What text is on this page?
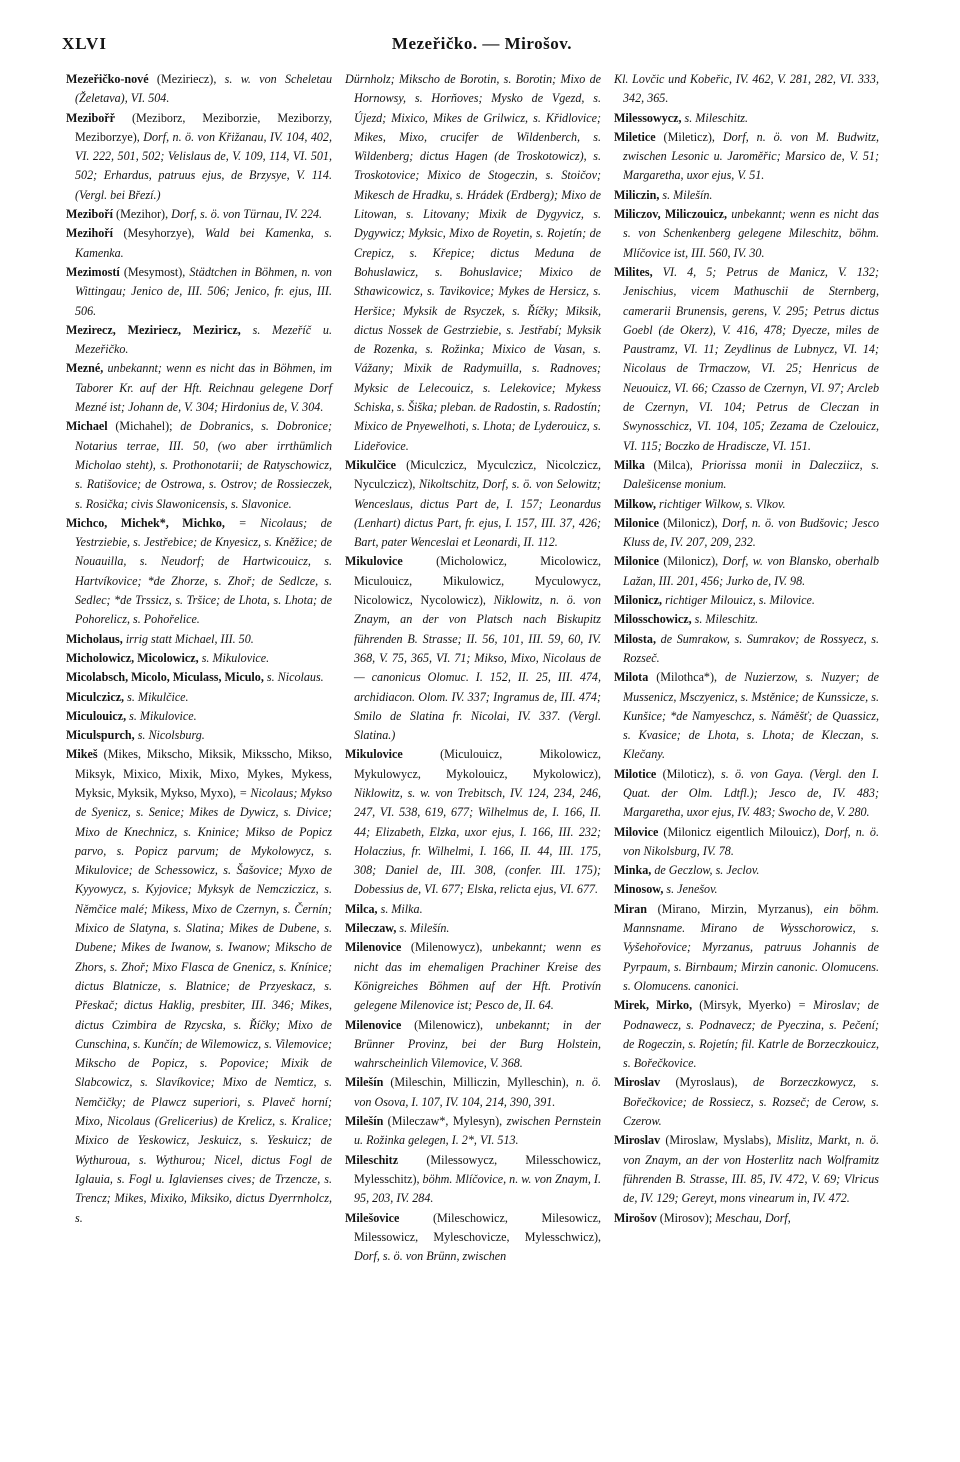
XLVI	Mezeřičko. — Mirošov.

Mezeřičko-nové (Meziriecz), s. w. von Scheletau (Želetava), VI. 504.

Mezibořř (Meziborz, Meziborzie, Meziborzy, Meziborzye), Dorf, n. ö. von Křižanau, IV. 104, 402, VI. 222, 501, 502; Velislaus de, V. 109, 114, VI. 501, 502; Erhardus, patruus ejus, de Brzysye, V. 114. (Vergl. bei Březí.)

Meziboří (Mezihor), Dorf, s. ö. von Türnau, IV. 224.

Mezihoří (Mesyhorzye), Wald bei Kamenka, s. Kamenka.

Mezimostí (Mesymost), Städtchen in Böhmen, n. von Wittingau; Jenico de, III. 506; Jenico, fr. ejus, III. 506.

Mezirecz, Meziriecz, Meziricz, s. Mezeříč u. Mezeřičko.

Mezné, unbekannt; wenn es nicht das in Böhmen, im Taborer Kr. auf der Hft. Reichnau gelegene Dorf Mezné ist; Johann de, V. 304; Hirdonius de, V. 304.

Michael (Michahel); de Dobranics, s. Dobronice; Notarius terrae, III. 50, (wo aber irrthümlich Micholao steht), s. Prothonotarii; de Ratyschowicz, s. Ratišovice; de Ostrowa, s. Ostrov; de Rossieczek, s. Rosička; civis Slawonicensis, s. Slavonice.

Michco, Michek*, Michko, = Nicolaus; de Yestrziebie, s. Jestřebice; de Knyesicz, s. Kněžice; de Nouauilla, s. Neudorf; de Hartwicouicz, s. Hartvíkovice; *de Zhorze, s. Zhoř; de Sedlcze, s. Sedlec; *de Trssicz, s. Tršice; de Lhota, s. Lhota; de Pohorelicz, s. Pohořelice.

Micholaus, irrig statt Michael, III. 50.

Micholowicz, Micolowicz, s. Mikulovice.

Micolabsch, Micolo, Miculass, Miculo, s. Nicolaus.

Miculczicz, s. Mikulčice.

Miculouicz, s. Mikulovice.

Miculspurch, s. Nicolsburg.

Mikeš (Mikes, Mikscho, Miksik, Miksscho, Mikso, Miksyk, Mixico, Mixik, Mixo, Mykes, Mykess, Myksic, Myksik, Mykso, Myxo), = Nicolaus; Mykso de Syenicz, s. Senice; Mikes de Dywicz, s. Divice; Mixo de Knechnicz, s. Kninice; Mikso de Popicz parvo, s. Popicz parvum; de Mykolowycz, s. Mikulovice; de Schessowicz, s. Šašovice; Myxo de Kyyowycz, s. Kyjovice; Myksyk de Nemcziczicz, s. Němčice malé; Mikess, Mixo de Czernyn, s. Černín; Mixico de Slatyna, s. Slatina; Mikes de Dubene, s. Dubene; Mikes de Iwanow, s. Iwanow; Mikscho de Zhors, s. Zhoř; Mixo Flasca de Gnenicz, s. Knínice; dictus Blatnicze, s. Blatnice; de Przyeskacz, s. Přeskač; dictus Haklig, presbiter, III. 346; Mikes, dictus Czimbira de Rzycska, s. Říčky; Mixo de Cunschina, s. Kunčín; de Wilemowicz, s. Vilemovice; Mikscho de Popicz, s. Popovice; Mixik de Slabcowicz, s. Slavíkovice; Mixo de Nemticz, s. Nemčičky; de Plawcz superiori, s. Plaveč horní; Mixo, Nicolaus (Grelicerius) de Krelicz, s. Kralice; Mixico de Yeskowicz, Jeskuicz, s. Yeskuicz; de Wythuroua, s. Wythurou; Nicel, dictus Fogl de Iglauia, s. Fogl u. Iglavienses cives; de Trzencze, s. Trencz; Mikes, Mixiko, Miksiko, dictus Dyerrnholcz, s.

Dürnholz; Mikscho de Borotin, s. Borotin; Mixo de Hornowsy, s. Horňoves; Mysko de Vgezd, s. Újezd; Mixico, Mikes de Grilwicz, s. Křidlovice; Mikes, Mixo, crucifer de Wildenberch, s. Wildenberg; dictus Hagen (de Troskotowicz), s. Troskotovice; Mixico de Stogeczin, s. Stoičov; Mikesch de Hradku, s. Hrádek (Erdberg); Mixo de Litowan, s. Litovany; Mixik de Dygyvicz, s. Dygywicz; Myksic, Mixo de Royetin, s. Rojetín; de Crepicz, s. Křepice; dictus Meduna de Bohuslawicz, s. Bohuslavice; Mixico de Sthawicowicz, s. Tavikovice; Mykes de Hersicz, s. Heršice; Myksik de Rsyczek, s. Říčky; Miksik, dictus Nossek de Gestrziebie, s. Jestřabí; Myksik de Rozenka, s. Rožinka; Mixico de Vasan, s. Vážany; Mixik de Radymuilla, s. Radnoves; Myksic de Lelecouicz, s. Lelekovice; Mykess Schiska, s. Šiška; pleban. de Radostin, s. Radostín; Mixico de Pnyewelhoti, s. Lhota; de Lyderouicz, s. Lideřovice.

Mikulčice (Miculczicz, Myculczicz, Nicolczicz, Nyculczicz), Nikoltschitz, Dorf, s. ö. von Selowitz; Wenceslaus, dictus Part de, I. 157; Leonardus (Lenhart) dictus Part, fr. ejus, I. 157, III. 37, 426; Bart, pater Wenceslai et Leonardi, II. 112.

Mikulovice (Micholowicz, Micolowicz, Miculouicz, Mikulowicz, Myculowycz, Nicolowicz, Nycolowicz), Niklowitz, n. ö. von Znaym, an der von Platsch nach Biskupitz führenden B. Strasse; II. 56, 101, III. 59, 60, IV. 368, V. 75, 365, VI. 71; Mikso, Mixo, Nicolaus de — canonicus Olomuc. I. 152, II. 25, III. 474, archidiacon. Olom. IV. 337; Ingramus de, III. 474; Smilo de Slatina fr. Nicolai, IV. 337. (Vergl. Slatina.)

Mikulovice (Miculouicz, Mikolowicz, Mykulowycz, Mykolouicz, Mykolowicz), Niklowitz, s. w. von Trebitsch, IV. 124, 234, 246, 247, VI. 538, 619, 677; Wilhelmus de, I. 166, II. 44; Elizabeth, Elzka, uxor ejus, I. 166, III. 232; Holaczius, fr. Wilhelmi, I. 166, II. 44, III. 175, 308; Daniel de, III. 308, (confer. III. 175); Dobessius de, VI. 677; Elska, relicta ejus, VI. 677.

Milca, s. Milka.

Mileczaw, s. Milešín.

Milenovice (Milenowycz), unbekannt; wenn es nicht das im ehemaligen Prachiner Kreise des Königreiches Böhmen auf der Hft. Protivín gelegene Milenovice ist; Pesco de, II. 64.

Milenovice (Milenowicz), unbekannt; in der Brünner Provinz, bei der Burg Holstein, wahrscheinlich Vilemovice, V. 368.

Milešín (Mileschin, Milliczin, Mylleschin), n. ö. von Osova, I. 107, IV. 104, 214, 390, 391.

Milešín (Mileczaw*, Mylesyn), zwischen Pernstein u. Rožinka gelegen, I. 2*, VI. 513.

Mileschitz (Milessowycz, Milesschowicz, Mylesschitz), böhm. Mlíčovice, n. w. von Znaym, I. 95, 203, IV. 284.

Milešovice (Mileschowicz, Milesowicz, Milessowicz, Myleschovicze, Mylesschwicz), Dorf, s. ö. von Brünn, zwischen

Kl. Lovčic und Kobeřic, IV. 462, V. 281, 282, VI. 333, 342, 365.

Milessowycz, s. Mileschitz.

Miletice (Mileticz), Dorf, n. ö. von M. Budwitz, zwischen Lesonic u. Jaroměřic; Marsico de, V. 51; Margaretha, uxor ejus, V. 51.

Miliczin, s. Milešín.

Miliczov, Miliczouicz, unbekannt; wenn es nicht das s. von Schenkenberg gelegene Mileschitz, böhm. Mlíčovice ist, III. 560, IV. 30.

Milites, VI. 4, 5; Petrus de Manicz, V. 132; Jenischius, vicem Mathuschii de Sternberg, camerarii Brunensis, gerens, V. 295; Petrus dictus Goebl (de Okerz), V. 416, 478; Dyecze, miles de Paustramz, VI. 11; Zeydlinus de Lubnycz, VI. 14; Nicolaus de Trmaczow, VI. 25; Henricus de Neuouicz, VI. 66; Czasso de Czernyn, VI. 97; Arcleb de Czernyn, VI. 104; Petrus de Cleczan in Swynosschicz, VI. 104, 105; Zezama de Czelouicz, VI. 115; Boczko de Hradiscze, VI. 151.

Milka (Milca), Priorissa monii in Dalecziicz, s. Dalešicense monium.

Milkow, richtiger Wilkow, s. Vlkov.

Milonice (Milonicz), Dorf, n. ö. von Budšovic; Jesco Kluss de, IV. 207, 209, 232.

Milonice (Milonicz), Dorf, w. von Blansko, oberhalb Lažan, III. 201, 456; Jurko de, IV. 98.

Milonicz, richtiger Milouicz, s. Milovice.

Milosschowicz, s. Mileschitz.

Milosta, de Sumrakow, s. Sumrakov; de Rossyecz, s. Rozseč.

Milota (Milothca*), de Nuzierzow, s. Nuzyer; de Mussenicz, Msczyenicz, s. Mstěnice; de Kunssicze, s. Kunšice; *de Namyeschcz, s. Náměšť; de Quassicz, s. Kvasice; de Lhota, s. Lhota; de Kleczan, s. Klečany.

Milotice (Miloticz), s. ö. von Gaya. (Vergl. den I. Quat. der Olm. Ldtfl.); Jesco de, IV. 483; Margaretha, uxor ejus, IV. 483; Swocho de, V. 280.

Milovice (Milonicz eigentlich Milouicz), Dorf, n. ö. von Nikolsburg, IV. 78.

Minka, de Geczlow, s. Jeclov.

Minosow, s. Jenešov.

Miran (Mirano, Mirzin, Myrzanus), ein böhm. Mannsname. Mirano de Wysschorowicz, s. Vyšehořovice; Myrzanus, patruus Johannis de Pyrpaum, s. Birnbaum; Mirzin canonic. Olomucens. s. Olomucens. canonici.

Mirek, Mirko, (Mirsyk, Myerko) = Miroslav; de Podnawecz, s. Podnavecz; de Pyeczina, s. Pečení; de Rogeczin, s. Rojetín; fil. Katrle de Borzeczkouicz, s. Bořečkovice.

Miroslav (Myroslaus), de Borzeczkowycz, s. Bořečkovice; de Rossiecz, s. Rozseč; de Cerow, s. Czerow.

Miroslav (Miroslaw, Myslabs), Mislitz, Markt, n. ö. von Znaym, an der von Hosterlitz nach Wolframitz führenden B. Strasse, III. 85, IV. 472, V. 69; Vlricus de, IV. 129; Gereyt, mons vinearum in, IV. 472.

Mirošov (Mirosov); Meschau, Dorf,
